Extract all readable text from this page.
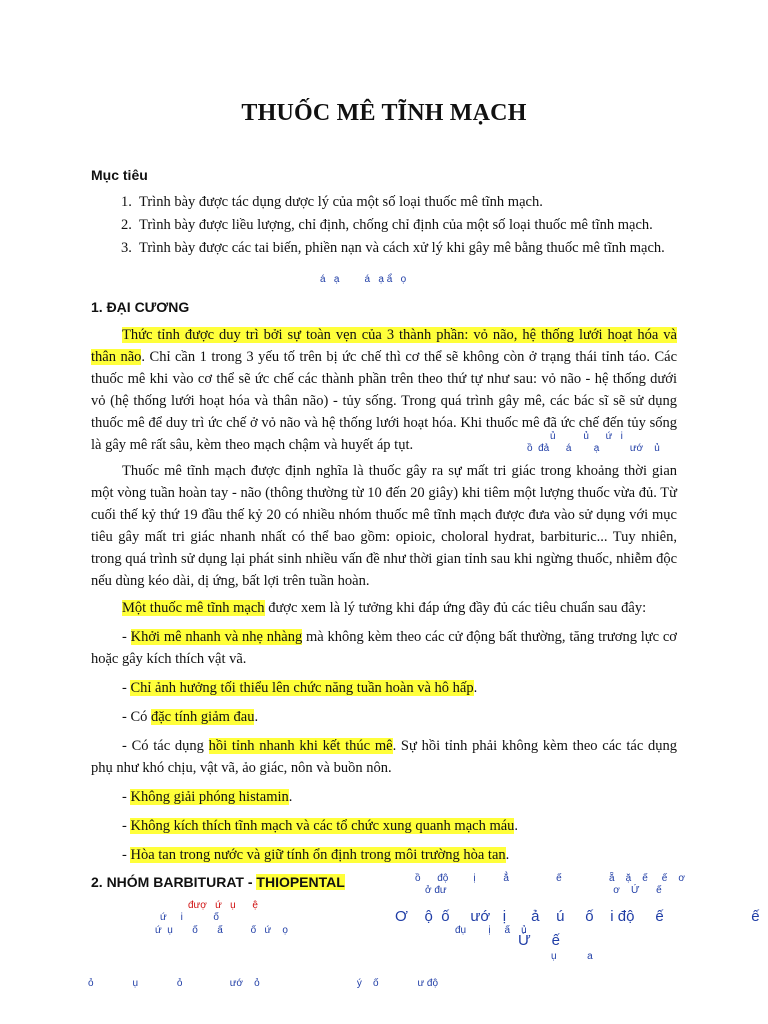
THUỐC MÊ TĨNH MẠCH
Mục tiêu
1. Trình bày được tác dụng dược lý của một số loại thuốc mê tĩnh mạch.
2. Trình bày được liều lượng, chỉ định, chống chỉ định của một số loại thuốc mê tĩnh mạch.
3. Trình bày được các tai biến, phiền nạn và cách xử lý khi gây mê bằng thuốc mê tĩnh mạch.
á   ạ         á   ạ ẩ   ọ
1. ĐẠI CƯƠNG

Thức tỉnh được duy trì bởi sự toàn vẹn của 3 thành phần: vỏ não, hệ thống lưới hoạt hóa và thân não. Chỉ cần 1 trong 3 yếu tố trên bị ức chế thì cơ thể sẽ không còn ở trạng thái tỉnh táo. Các thuốc mê khi vào cơ thể sẽ ức chế các thành phần trên theo thứ tự như sau: vỏ não - hệ thống dưới vỏ (hệ thống lưới hoạt hóa và thân não) - tủy sống. Trong quá trình gây mê, các bác sĩ sẽ sử dụng thuốc mê để duy trì ức chế ở vỏ não và hệ thống lưới hoạt hóa. Khi thuốc mê đã ức chế đến tủy sống là gây mê rất sâu, kèm theo mạch chậm và huyết áp tụt.

ủ          ủ      ứ   i
ồ  đả      á        ạ           ướ    ủ

Thuốc mê tĩnh mạch được định nghĩa là thuốc gây ra sự mất tri giác trong khoảng thời gian một vòng tuần hoàn tay - não (thông thường từ 10 đến 20 giây) khi tiêm một lượng thuốc vừa đủ. Từ cuối thế kỷ thứ 19 đầu thế kỷ 20 có nhiều nhóm thuốc mê tĩnh mạch được đưa vào sử dụng với mục tiêu gây mất tri giác nhanh nhất có thể bao gồm: opioic, choloral hydrat, barbituric... Tuy nhiên, trong quá trình sử dụng lại phát sinh nhiều vấn đề như thời gian tỉnh sau khi ngừng thuốc, nhiễm độc nếu dùng kéo dài, dị ứng, bất lợi trên tuần hoàn.

Một thuốc mê tĩnh mạch được xem là lý tưởng khi đáp ứng đầy đủ các tiêu chuẩn sau đây:

- Khởi mê nhanh và nhẹ nhàng mà không kèm theo các cử động bất thường, tăng trương lực cơ hoặc gây kích thích vật vã.

- Chỉ ảnh hưởng tối thiểu lên chức năng tuần hoàn và hô hấp.

- Có đặc tính giảm đau.

- Có tác dụng hồi tỉnh nhanh khi kết thúc mê. Sự hồi tỉnh phải không kèm theo các tác dụng phụ như khó chịu, vật vã, ảo giác, nôn và buồn nôn.

- Không giải phóng histamin.

- Không kích thích tĩnh mạch và các tổ chức xung quanh mạch máu.

- Hòa tan trong nước và giữ tính ổn định trong môi trường hòa tan.

2. NHÓM BARBITURAT - THIOPENTAL	ồ      độ         ị          ẳ                 ế                 ẵ    ặ    ế     ế    ơ
ở đư                                                            ơ    Ứ      ế
đượ   ứ   ụ      ệ
ứ     i           ố
ứ  ụ       ố       ấ          ố   ứ    ọ
Ơ    ộ  ố     ướ   ị      ả    ú     ố    i độ     ế                     ế
đụ        ị     ấ    ủ
Ứ     ế
ụ           a
ỏ              ụ              ỏ                 ướ    ỏ                                   ý    ố              ư độ
